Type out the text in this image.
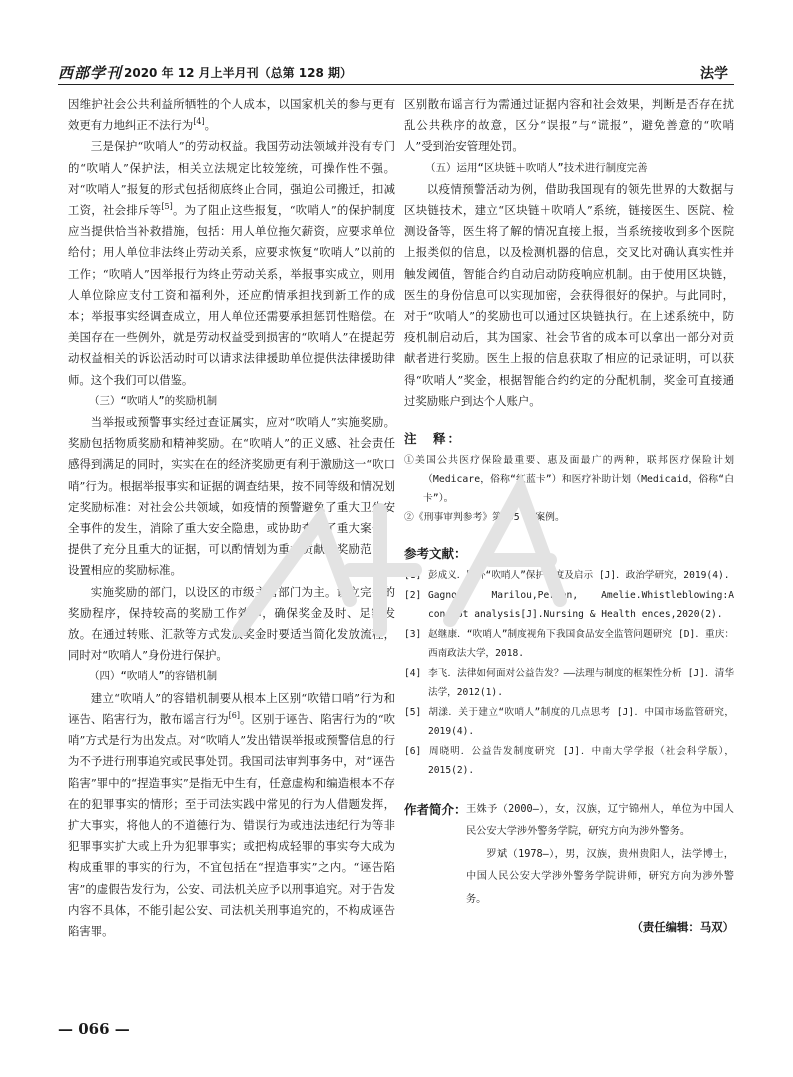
西部学刊 2020 年 12 月上半月刊（总第 128 期）	法学

因维护社会公共利益所牺牲的个人成本，以国家机关的参与更有效更有力地纠正不法行为[4]。

三是保护“吹哨人”的劳动权益。我国劳动法领域并没有专门的“吹哨人”保护法，相关立法规定比较笼统，可操作性不强。对“吹哨人”报复的形式包括彻底终止合同，强迫公司搬迁，扣减工资，社会排斥等[5]。为了阻止这些报复，“吹哨人”的保护制度应当提供恰当补救措施，包括：用人单位拖欠薪资，应要求单位给付；用人单位非法终止劳动关系，应要求恢复“吹哨人”以前的工作；“吹哨人”因举报行为终止劳动关系，举报事实成立，则用人单位除应支付工资和福利外，还应酌情承担找到新工作的成本；举报事实经调查成立，用人单位还需要承担惩罚性赔偿。在美国存在一些例外，就是劳动权益受到损害的“吹哨人”在提起劳动权益相关的诉讼活动时可以请求法律援助单位提供法律援助律师。这个我们可以借鉴。

（三）“吹哨人”的奖励机制

当举报或预警事实经过查证属实，应对“吹哨人”实施奖励。奖励包括物质奖励和精神奖励。在“吹哨人”的正义感、社会责任感得到满足的同时，实实在在的经济奖励更有利于激励这一“吹口哨”行为。根据举报事实和证据的调查结果，按不同等级和情况划定奖励标准：对社会公共领域，如疫情的预警避免了重大卫生安全事件的发生，消除了重大安全隐患，或协助查处了重大案件，提供了充分且重大的证据，可以酌情划为重大贡献的奖励范围，设置相应的奖励标准。

实施奖励的部门，以设区的市级主管部门为主。设立完善的奖励程序，保持较高的奖励工作效率，确保奖金及时、足额发放。在通过转账、汇款等方式发放奖金时要适当简化发放流程，同时对“吹哨人”身份进行保护。

（四）“吹哨人”的容错机制

建立“吹哨人”的容错机制要从根本上区别“吹错口哨”行为和诬告、陷害行为，散布谣言行为[6]。区别于诬告、陷害行为的“吹哨”方式是行为出发点。对“吹哨人”发出错误举报或预警信息的行为不予进行刑事追究或民事处罚。我国司法审判事务中，对“诬告陷害”罪中的“捏造事实”是指无中生有，任意虚构和编造根本不存在的犯罪事实的情形；至于司法实践中常见的行为人借题发挥，扩大事实，将他人的不道德行为、错误行为或违法违纪行为等非犯罪事实扩大或上升为犯罪事实；或把构成轻罪的事实夸大成为构成重罪的事实的行为，不宜包括在“捏造事实”之内。“诬告陷害”的虚假告发行为，公安、司法机关应予以刑事追究。对于告发内容不具体，不能引起公安、司法机关刑事追究的，不构成诬告陷害罪。

区别散布谣言行为需通过证据内容和社会效果，判断是否存在扰乱公共秩序的故意，区分“误报”与“谎报”，避免善意的“吹哨人”受到治安管理处罚。

（五）运用“区块链＋吹哨人”技术进行制度完善

以疫情预警活动为例，借助我国现有的领先世界的大数据与区块链技术，建立“区块链＋吹哨人”系统，链接医生、医院、检测设备等，医生将了解的情况直接上报，当系统接收到多个医院上报类似的信息，以及检测机器的信息，交叉比对确认真实性并触发阈值，智能合约自动启动防疫响应机制。由于使用区块链，医生的身份信息可以实现加密，会获得很好的保护。与此同时，对于“吹哨人”的奖励也可以通过区块链执行。在上述系统中，防疫机制启动后，其为国家、社会节省的成本可以拿出一部分对贡献者进行奖励。医生上报的信息获取了相应的记录证明，可以获得“吹哨人”奖金，根据智能合约约定的分配机制，奖金可直接通过奖励账户到达个人账户。

注　释：
①美国公共医疗保险最重要、惠及面最广的两种，联邦医疗保险计划（Medicare，俗称“红蓝卡”）和医疗补助计划（Medicaid，俗称“白卡”）。
②《刑事审判参考》第 95 号案例。
参考文献：
[1] 彭成义．国外“吹哨人”保护制度及启示 [J]．政治学研究，2019(4).
[2] Gagnon, Marilou,Perron, Amelie.Whistleblowing:A concept analysis[J].Nursing & Health ences,2020(2).
[3] 赵继康．“吹哨人”制度视角下我国食品安全监管问题研究 [D]．重庆：西南政法大学，2018.
[4] 李飞．法律如何面对公益告发？——法理与制度的框架性分析 [J]．清华法学，2012(1).
[5] 胡漾．关于建立“吹哨人”制度的几点思考 [J]．中国市场监管研究，2019(4).
[6] 周晓明．公益告发制度研究 [J]．中南大学学报（社会科学版），2015(2).
作者简介： 王姝予（2000—），女，汉族，辽宁锦州人，单位为中国人民公安大学涉外警务学院，研究方向为涉外警务。

罗斌（1978—），男，汉族，贵州贵阳人，法学博士，中国人民公安大学涉外警务学院讲师，研究方向为涉外警务。

（责任编辑：马双）
— 066 —
